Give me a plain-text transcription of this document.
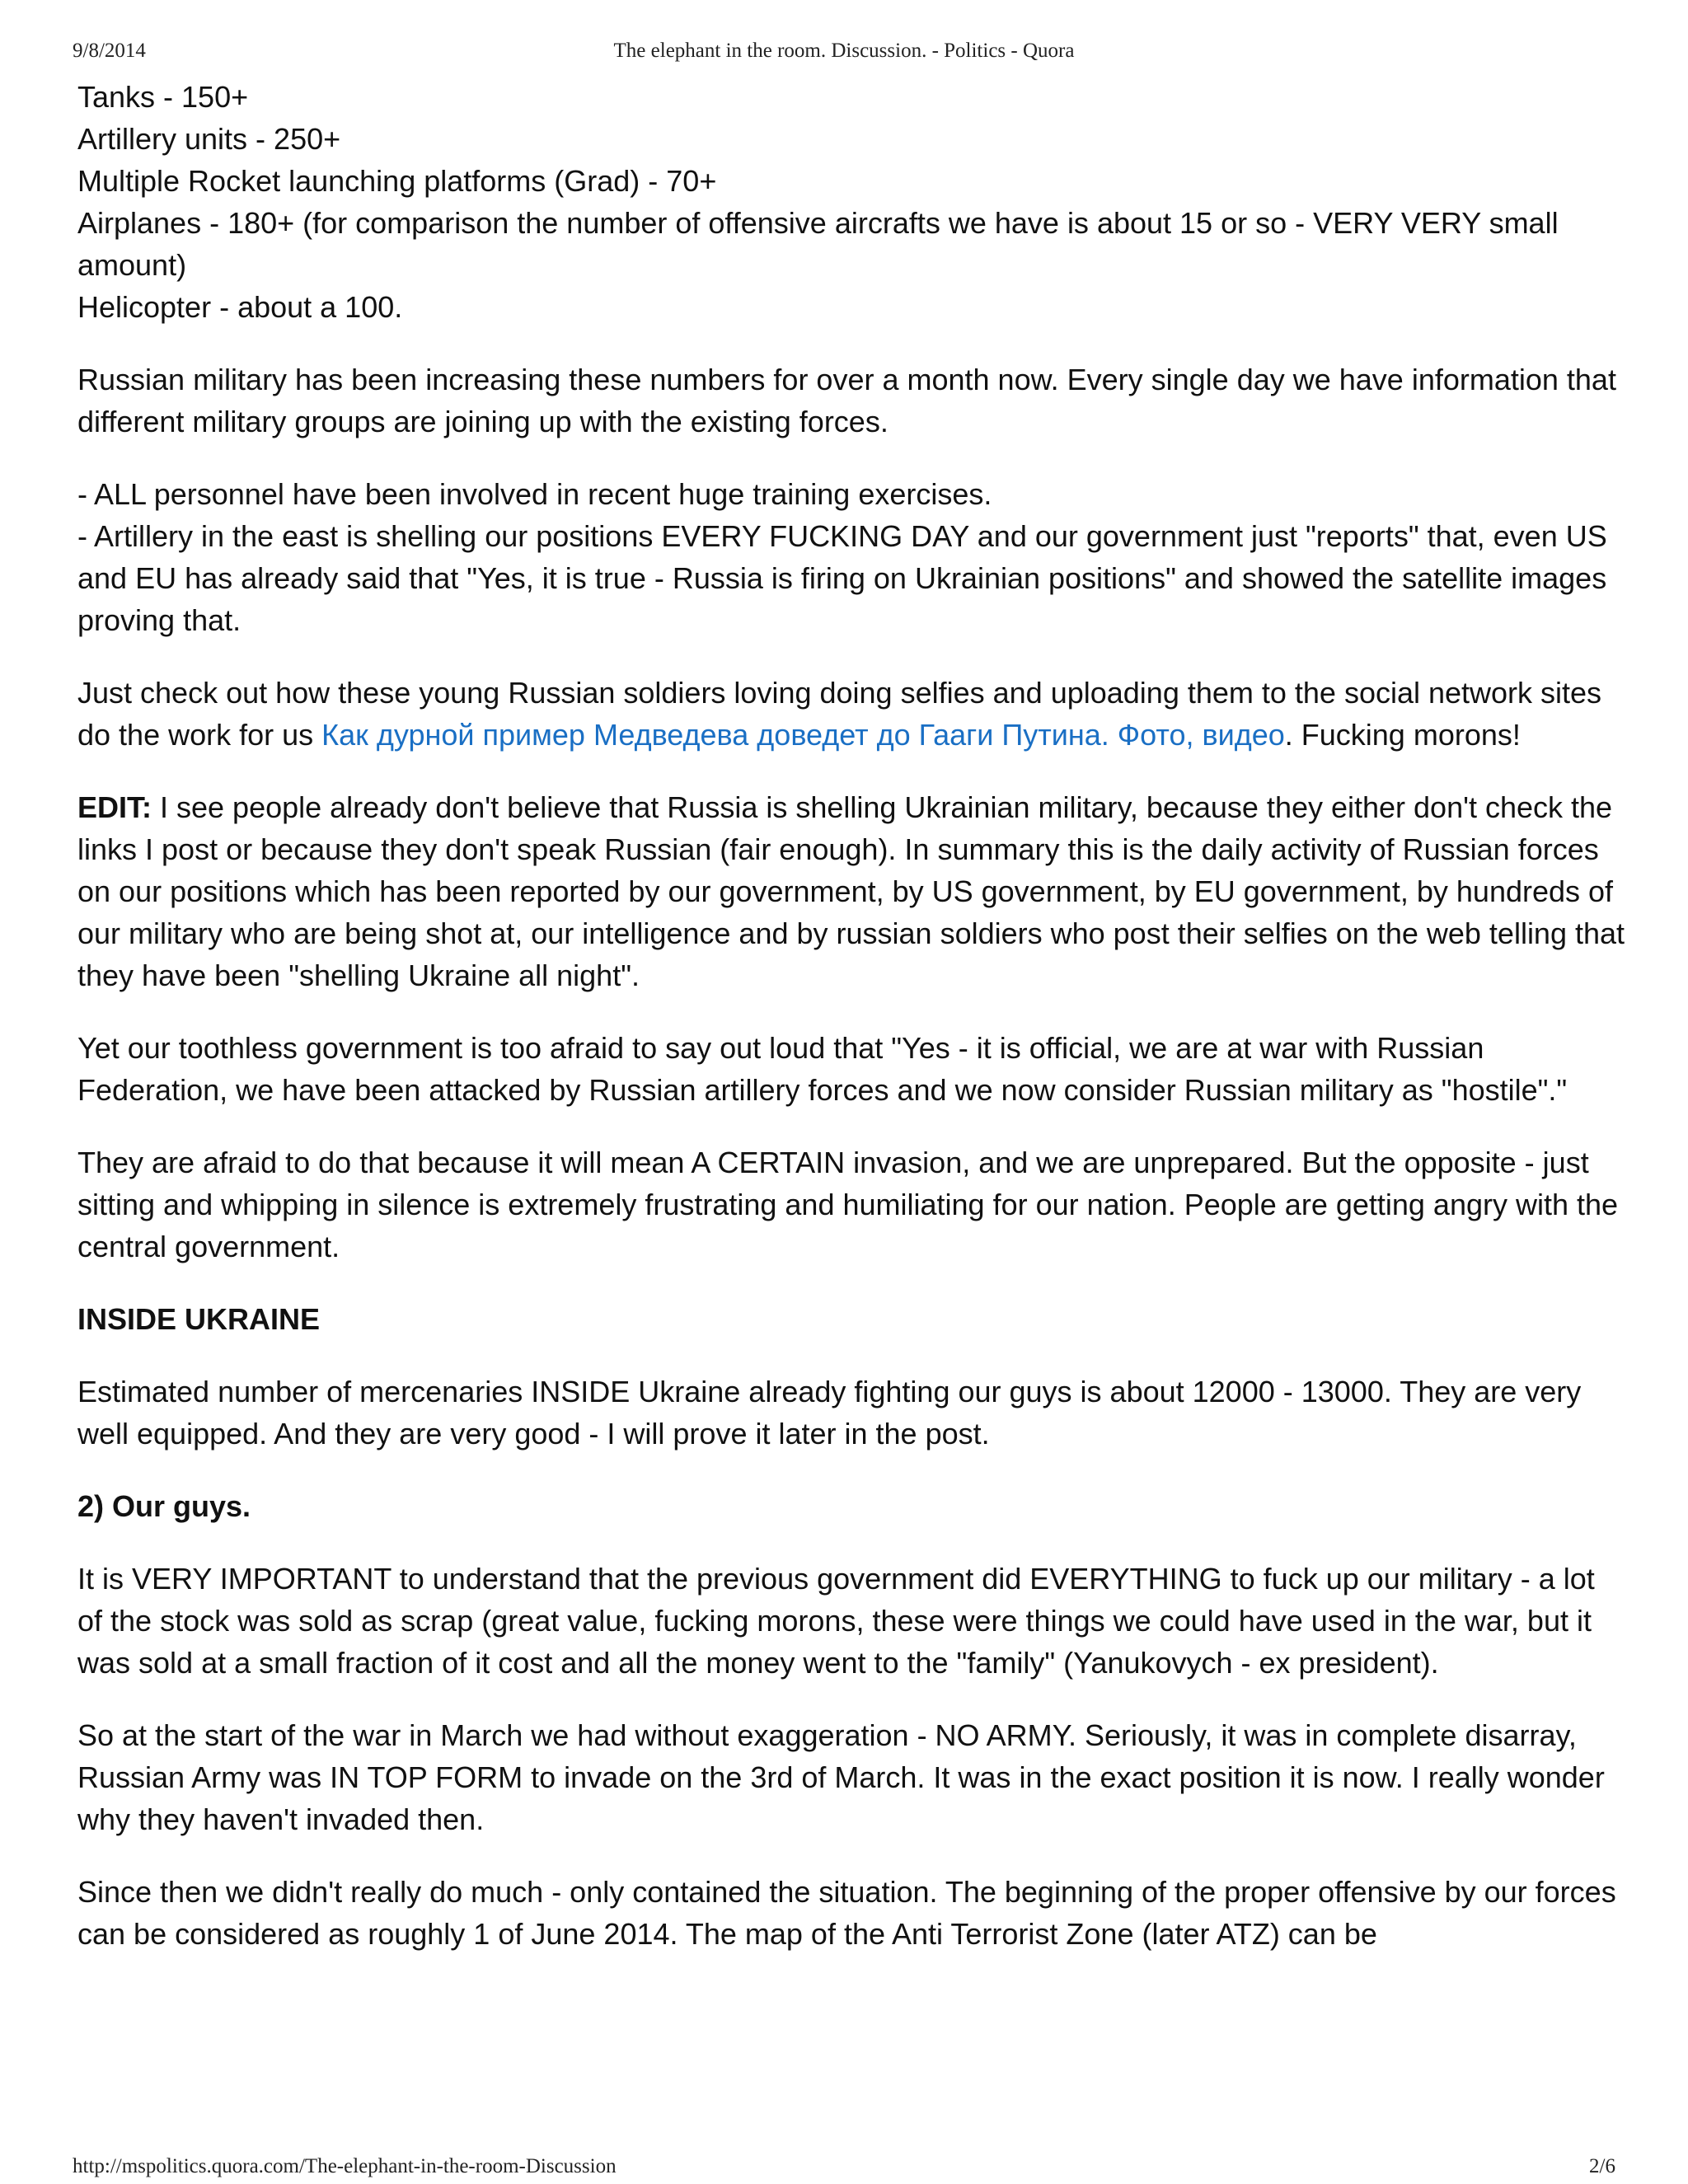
9/8/2014	The elephant in the room. Discussion. - Politics - Quora

Tanks - 150+
Artillery units - 250+
Multiple Rocket launching platforms (Grad) - 70+
Airplanes - 180+ (for comparison the number of offensive aircrafts we have is about 15 or so - VERY VERY small amount)
Helicopter - about a 100.

Russian military has been increasing these numbers for over a month now. Every single day we have information that different military groups are joining up with the existing forces.

- ALL personnel have been involved in recent huge training exercises.
- Artillery in the east is shelling our positions EVERY FUCKING DAY and our government just "reports" that, even US and EU has already said that "Yes, it is true - Russia is firing on Ukrainian positions" and showed the satellite images proving that.

Just check out how these young Russian soldiers loving doing selfies and uploading them to the social network sites do the work for us Как дурной пример Медведева доведет до Гааги Путина. Фото, видео. Fucking morons!

EDIT: I see people already don't believe that Russia is shelling Ukrainian military, because they either don't check the links I post or because they don't speak Russian (fair enough). In summary this is the daily activity of Russian forces on our positions which has been reported by our government, by US government, by EU government, by hundreds of our military who are being shot at, our intelligence and by russian soldiers who post their selfies on the web telling that they have been "shelling Ukraine all night".

Yet our toothless government is too afraid to say out loud that "Yes - it is official, we are at war with Russian Federation, we have been attacked by Russian artillery forces and we now consider Russian military as "hostile"."

They are afraid to do that because it will mean A CERTAIN invasion, and we are unprepared. But the opposite - just sitting and whipping in silence is extremely frustrating and humiliating for our nation. People are getting angry with the central government.

INSIDE UKRAINE

Estimated number of mercenaries INSIDE Ukraine already fighting our guys is about 12000 - 13000. They are very well equipped. And they are very good - I will prove it later in the post.

2) Our guys.

It is VERY IMPORTANT to understand that the previous government did EVERYTHING to fuck up our military - a lot of the stock was sold as scrap (great value, fucking morons, these were things we could have used in the war, but it was sold at a small fraction of it cost and all the money went to the "family" (Yanukovych - ex president).

So at the start of the war in March we had without exaggeration - NO ARMY. Seriously, it was in complete disarray, Russian Army was IN TOP FORM to invade on the 3rd of March. It was in the exact position it is now. I really wonder why they haven't invaded then.

Since then we didn't really do much - only contained the situation. The beginning of the proper offensive by our forces can be considered as roughly 1 of June 2014. The map of the Anti Terrorist Zone (later ATZ) can be

http://mspolitics.quora.com/The-elephant-in-the-room-Discussion	2/6
